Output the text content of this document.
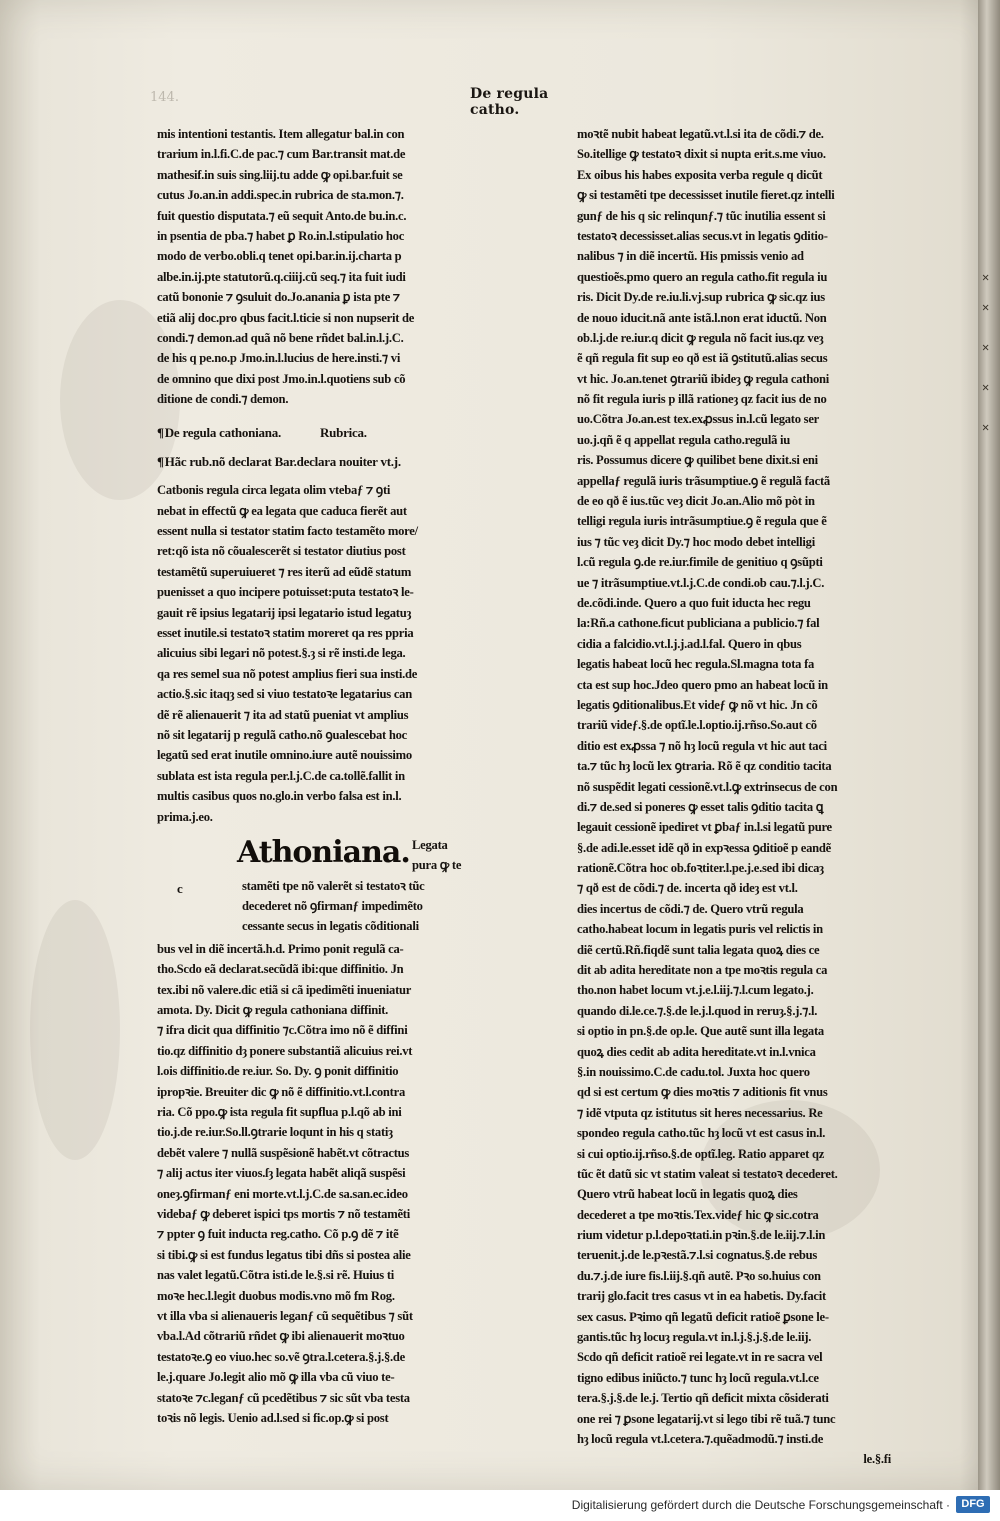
✕
✕
✕
✕
✕
144.	De regula catho.
mis intentioni testantis. Item allegatur bal.in con
trarium in.l.fi.C.de pac.⁊ cum Bar.transit mat.de
mathesif.in suis sing.liij.tu adde ꝙ opi.bar.fuit se
cutus Jo.an.in addi.spec.in rubrica de sta.mon.⁊.
fuit questio disputata.⁊ eũ sequit Anto.de bu.in.c.
in psentia de pba.⁊ habet ꝑ Ro.in.l.stipulatio hoc
modo de verbo.obli.q tenet opi.bar.in.ij.charta p
albe.in.ij.pte statutorũ.q.ciiij.cũ seq.⁊ ita fuit iudi
catũ bononie ⁊ ꝯsuluit do.Jo.anania ꝑ ista pte ⁊
etiã alij doc.pro qbus facit.l.ticie si non nupserit de
condi.⁊ demon.ad quã nõ bene rñdet bal.in.l.j.C.
de his q pe.no.p Jmo.in.l.lucius de here.insti.⁊ vi
de omnino que dixi post Jmo.in.l.quotiens sub cõ
ditione de condi.⁊ demon.
¶De regula cathoniana.	Rubrica.
¶Hãc rub.nõ declarat Bar.declara nouiter vt.j.
Catbonis regula circa legata olim vtebaƒ ⁊ ꝯti
nebat in effectũ ꝙ ea legata que caduca fierẽt aut
essent nulla si testator statim facto testamẽto more/
ret:qõ ista nõ cõualescerẽt si testator diutius post
testamẽtũ superuiueret ⁊ res iterũ ad eũdẽ statum
puenisset a quo incipere potuisset:puta testatoꝛ le-
gauit rẽ ipsius legatarij ipsi legatario istud legatuȝ
esset inutile.si testatoꝛ statim moreret qa res ppria
alicuius sibi legari nõ potest.§.ȝ si rẽ insti.de lega.
qa res semel sua nõ potest amplius fieri sua insti.de
actio.§.sic itaqȝ sed si viuo testatoꝛe legatarius can
dẽ rẽ alienauerit ⁊ ita ad statũ pueniat vt amplius
nõ sit legatarij p regulã catho.nõ ꝯualescebat hoc
legatũ sed erat inutile omnino.iure autẽ nouissimo
sublata est ista regula per.l.j.C.de ca.tollẽ.fallit in
multis casibus quos no.glo.in verbo falsa est in.l.
prima.j.eo.
Athoniana.
c
Legata
pura ꝙ te
stamẽti tpe nõ valerẽt si testatoꝛ tũc
decederet nõ ꝯfirmanƒ impedimẽto
cessante secus in legatis cõditionali
bus vel in diẽ incertã.h.d. Primo ponit regulã ca-
tho.Scdo eã declarat.secũdã ibi:que diffinitio. Jn
tex.ibi nõ valere.dic etiã si cã ipedimẽti inueniatur
amota. Dy. Dicit ꝙ regula cathoniana diffinit.
⁊ ifra dicit qua diffinitio ⁊c.Cõtra imo nõ ẽ diffini
tio.qz diffinitio dȝ ponere substantiã alicuius rei.vt
l.ois diffinitio.de re.iur. So. Dy. ꝯ ponit diffinitio
ipropꝛie. Breuiter dic ꝙ nõ ẽ diffinitio.vt.l.contra
ria. Cõ ppo.ꝙ ista regula fit supflua p.l.qõ ab ini
tio.j.de re.iur.So.ll.ꝯtrarie loqunt in his q statiȝ
debẽt valere ⁊ nullã suspẽsionẽ habẽt.vt cõtractus
⁊ alij actus iter viuos.ſȝ legata habẽt aliqã suspẽsi
oneȝ.ꝯfirmanƒ eni morte.vt.l.j.C.de sa.san.ec.ideo
videbaƒ ꝙ deberet ispici tps mortis ⁊ nõ testamẽti
⁊ ppter ꝯ fuit inducta reg.catho. Cõ p.ꝯ dẽ ⁊ itẽ
si tibi.ꝙ si est fundus legatus tibi dñs si postea alie
nas valet legatũ.Cõtra isti.de le.§.si rẽ. Huius ti
moꝛe hec.l.legit duobus modis.vno mõ fm Rog.
vt illa vba si alienaueris leganƒ cũ sequẽtibus ⁊ sũt
vba.l.Ad cõtrariũ rñdet ꝙ ibi alienauerit moꝛtuo
testatoꝛe.ꝯ eo viuo.hec so.vẽ ꝯtra.l.cetera.§.j.§.de
le.j.quare Jo.legit alio mõ ꝙ illa vba cũ viuo te-
statoꝛe ⁊c.leganƒ cũ pcedẽtibus ⁊ sic sũt vba testa
toꝛis nõ legis. Uenio ad.l.sed si fic.op.ꝙ si post
moꝛtẽ nubit habeat legatũ.vt.l.si ita de cõdi.⁊ de.
So.itellige ꝙ testatoꝛ dixit si nupta erit.s.me viuo.
Ex oibus his habes exposita verba regule q dicũt
ꝙ si testamẽti tpe decessisset inutile fieret.qz intelli
gunƒ de his q sic relinqunƒ.⁊ tũc inutilia essent si
testatoꝛ decessisset.alias secus.vt in legatis ꝯditio-
nalibus ⁊ in diẽ incertũ. His pmissis venio ad
questioẽs.pmo quero an regula catho.fit regula iu
ris. Dicit Dy.de re.iu.li.vj.sup rubrica ꝙ sic.qz ius
de nouo iducit.nã ante istã.l.non erat iductũ. Non
ob.l.j.de re.iur.q dicit ꝙ regula nõ facit ius.qz veȝ
ẽ qñ regula fit sup eo qð est iã ꝯstitutũ.alias secus
vt hic. Jo.an.tenet ꝯtrariũ ibideȝ ꝙ regula cathoni
nõ fit regula iuris p illã rationeȝ qz facit ius de no
uo.Cõtra Jo.an.est tex.exꝓssus in.l.cũ legato ser
uo.j.qñ ẽ q appellat regula catho.regulã iu
ris. Possumus dicere ꝙ quilibet bene dixit.si eni
appellaƒ regulã iuris trãsumptiue.ꝯ ẽ regulã factã
de eo qð ẽ ius.tũc veȝ dicit Jo.an.Alio mõ pòt in
telligi regula iuris intrãsumptiue.ꝯ ẽ regula que ẽ
ius ⁊ tũc veȝ dicit Dy.⁊ hoc modo debet intelligi
l.cũ regula ꝯ.de re.iur.fimile de genitiuo q ꝯsũpti
ue ⁊ itrãsumptiue.vt.l.j.C.de condi.ob cau.⁊.l.j.C.
de.cõdi.inde. Quero a quo fuit iducta hec regu
la:Rñ.a cathone.ficut publiciana a publicio.⁊ fal
cidia a falcidio.vt.l.j.j.ad.l.fal. Quero in qbus
legatis habeat locũ hec regula.Sl.magna tota fa
cta est sup hoc.Jdeo quero pmo an habeat locũ in
legatis ꝯditionalibus.Et videƒ ꝙ nõ vt hic. Jn cõ
trariũ videƒ.§.de optĩ.le.l.optio.ij.rñso.So.aut cõ
ditio est exꝓssa ⁊ nõ hȝ locũ regula vt hic aut taci
ta.⁊ tũc hȝ locũ lex ꝯtraria. Rõ ẽ qz conditio tacita
nõ suspẽdit legati cessionẽ.vt.l.ꝙ extrinsecus de con
di.⁊ de.sed si poneres ꝙ esset talis ꝯditio tacita ꝗ
legauit cessionẽ ipediret vt ꝑbaƒ in.l.si legatũ pure
§.de adi.le.esset idẽ qð in expꝛessa ꝯditioẽ p eandẽ
rationẽ.Cõtra hoc ob.foꝛtiter.l.pe.j.e.sed ibi dicaȝ
⁊ qð est de cõdi.⁊ de. incerta qð ideȝ est vt.l.
dies incertus de cõdi.⁊ de. Quero vtrũ regula
catho.habeat locum in legatis puris vel relictis in
diẽ certũ.Rñ.fiqdẽ sunt talia legata quoꝝ dies ce
dit ab adita hereditate non a tpe moꝛtis regula ca
tho.non habet locum vt.j.e.l.iij.⁊.l.cum legato.j.
quando di.le.ce.⁊.§.de le.j.l.quod in reruȝ.§.j.⁊.l.
si optio in pn.§.de op.le. Que autẽ sunt illa legata
quoꝝ dies cedit ab adita hereditate.vt in.l.vnica
§.in nouissimo.C.de cadu.tol. Juxta hoc quero
qd si est certum ꝙ dies moꝛtis ⁊ aditionis fit vnus
⁊ idẽ vtputa qz istitutus sit heres necessarius. Re
spondeo regula catho.tũc hȝ locũ vt est casus in.l.
si cui optio.ij.rñso.§.de optĩ.leg. Ratio apparet qz
tũc ẽt datũ sic vt statim valeat si testatoꝛ decederet.
Quero vtrũ habeat locũ in legatis quoꝝ dies
decederet a tpe moꝛtis.Tex.videƒ hic ꝙ sic.cotra
rium videtur p.l.depoꝛtati.in pꝛin.§.de le.iij.⁊.l.in
teruenit.j.de le.pꝛestã.⁊.l.si cognatus.§.de rebus
du.⁊.j.de iure fis.l.iij.§.qñ autẽ. Pꝛo so.huius con
trarij glo.facit tres casus vt in ea habetis. Dy.facit
sex casus. Pꝛimo qñ legatũ deficit ratioẽ ꝑsone le-
gantis.tũc hȝ locuȝ regula.vt in.l.j.§.j.§.de le.iij.
Scdo qñ deficit ratioẽ rei legate.vt in re sacra vel
tigno edibus iniũcto.⁊ tunc hȝ locũ regula.vt.l.ce
tera.§.j.§.de le.j. Tertio qñ deficit mixta cõsiderati
one rei ⁊ ꝑsone legatarij.vt si lego tibi rẽ tuã.⁊ tunc
hȝ locũ regula vt.l.cetera.⁊.quẽadmodũ.⁊ insti.de
le.§.fi
Digitalisierung gefördert durch die Deutsche Forschungsgemeinschaft ·	DFG
